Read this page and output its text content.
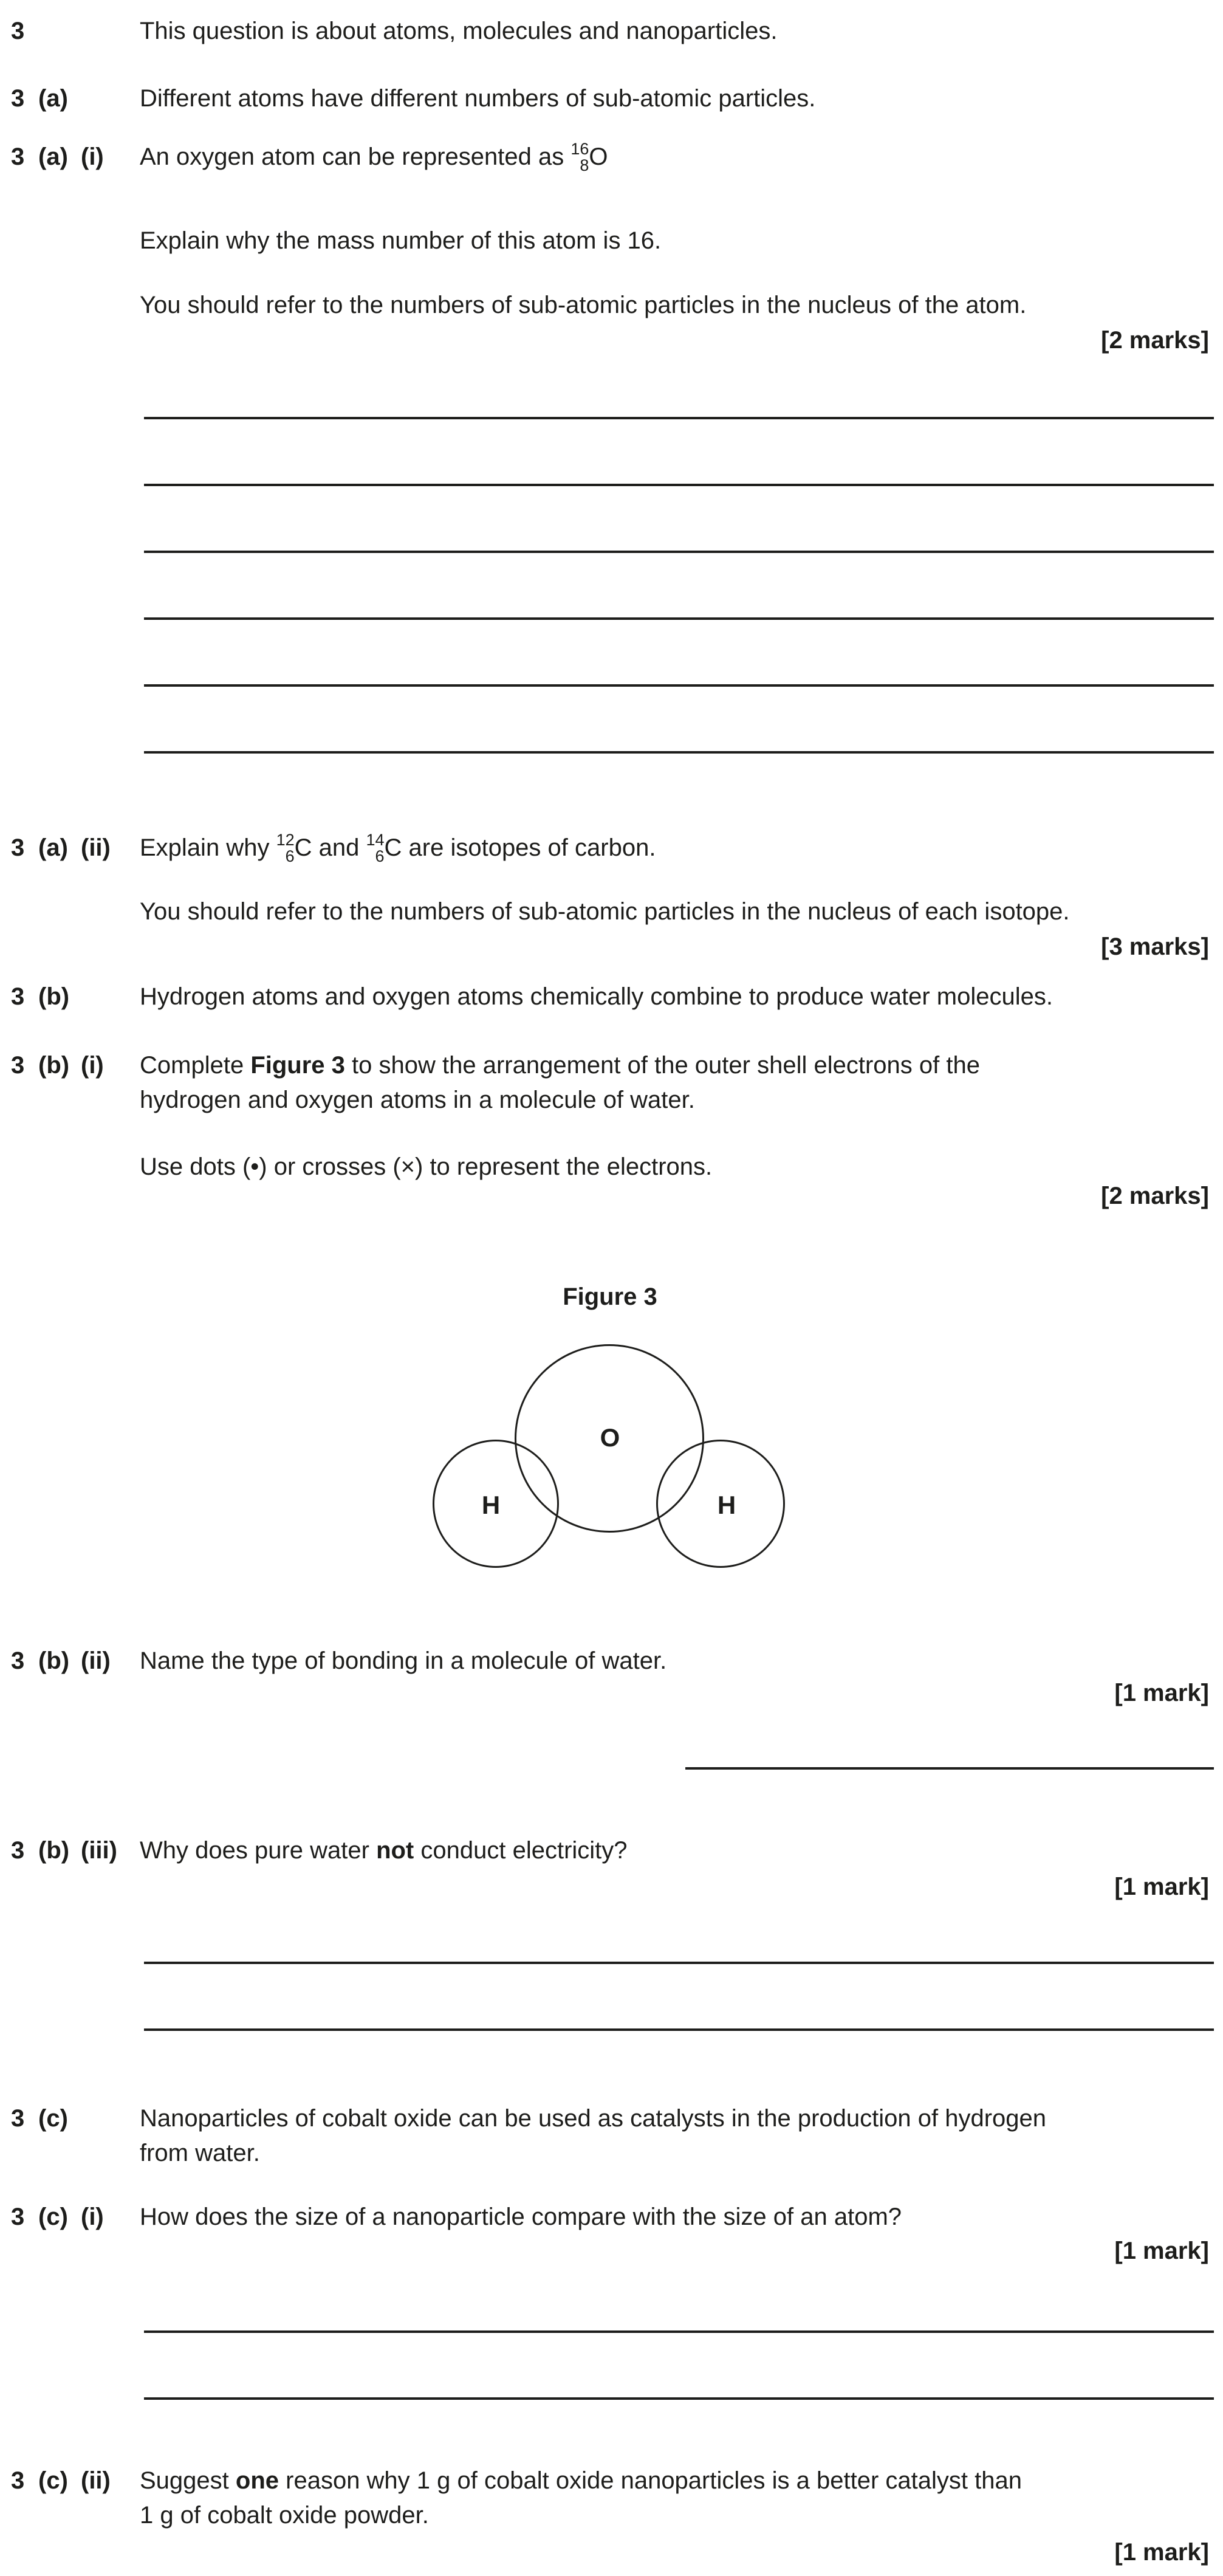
3	This question is about atoms, molecules and nanoparticles.
3 (a)	Different atoms have different numbers of sub-atomic particles.
3 (a) (i) An oxygen atom can be represented as 16
8 O
Explain why the mass number of this atom is 16.
You should refer to the numbers of sub-atomic particles in the nucleus of the atom.
[2 marks]
3 (a) (ii) Explain why 12
6 C and 14
6 C are isotopes of carbon.
You should refer to the numbers of sub-atomic particles in the nucleus of each isotope.
[3 marks]
3 (b)	Hydrogen atoms and oxygen atoms chemically combine to produce water molecules.
3 (b) (i) Complete Figure 3 to show the arrangement of the outer shell electrons of the
hydrogen and oxygen atoms in a molecule of water.
Use dots (•) or crosses (×) to represent the electrons.
[2 marks]
Figure 3
O
H	H
3 (b) (ii) Name the type of bonding in a molecule of water.
[1 mark]
3 (b) (iii) Why does pure water not conduct electricity?
[1 mark]
3 (c)	Nanoparticles of cobalt oxide can be used as catalysts in the production of hydrogen
from water.
3 (c) (i) How does the size of a nanoparticle compare with the size of an atom?
[1 mark]
3 (c) (ii) Suggest one reason why 1 g of cobalt oxide nanoparticles is a better catalyst than
1 g of cobalt oxide powder.
[1 mark]
